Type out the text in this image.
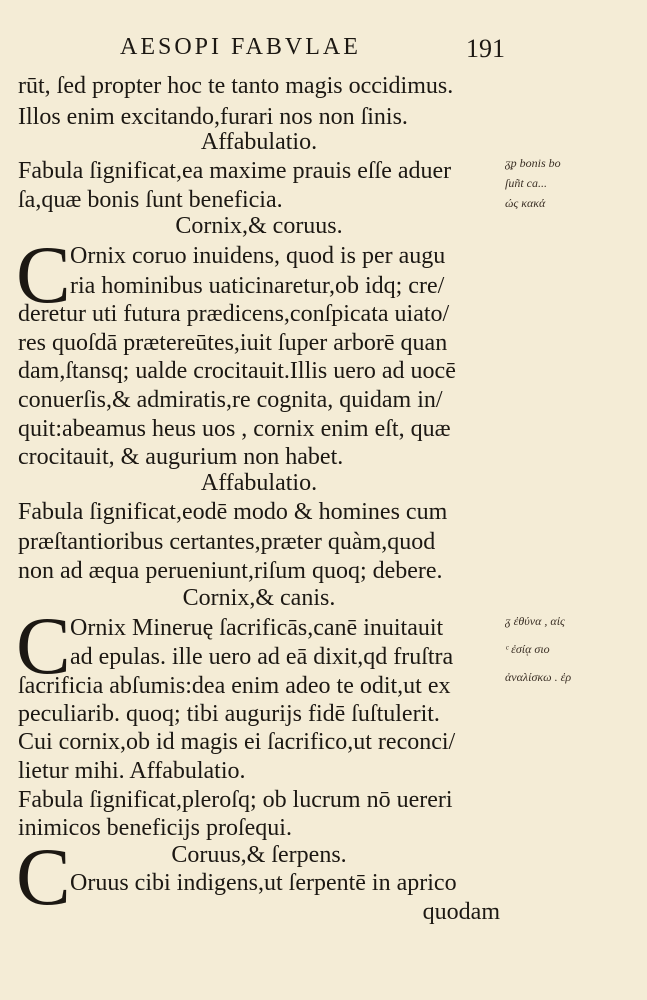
AESOPI FABVLAE	191
rūt, ſed propter hoc te tanto magis occidimus.
Illos enim excitando,furari nos non ſinis.
Affabulatio.
Fabula ſignificat,ea maxime prauis eſſe aduer
ſa,quæ bonis ſunt beneficia.
Cornix,& coruus.
C Ornix coruo inuidens, quod is per augu
ria hominibus uaticinaretur,ob idq; cre/
deretur uti futura prædicens,conſpicata uiato/
res quoſdā prætereūtes,iuit ſuper arborē quan
dam,ſtansq; ualde crocitauit.Illis uero ad uocē
conuerſis,& admiratis,re cognita, quidam in/
quit:abeamus heus uos , cornix enim eſt, quæ
crocitauit, & augurium non habet.
Affabulatio.
Fabula ſignificat,eodē modo & homines cum
præſtantioribus certantes,præter quàm,quod
non ad æqua perueniunt,riſum quoq; debere.
Cornix,& canis.
C Ornix Mineruę ſacrificās,canē inuitauit
ad epulas. ille uero ad eā dixit,qd fruſtra
ſacrificia abſumis:dea enim adeo te odit,ut ex
peculiarib. quoq; tibi augurijs fidē ſuſtulerit.
Cui cornix,ob id magis ei ſacrifico,ut reconci/
lietur mihi. Affabulatio.
Fabula ſignificat,pleroſq; ob lucrum nō uereri
inimicos beneficijs proſequi.
C	Coruus,& ſerpens.
Oruus cibi indigens,ut ſerpentē in aprico
quodam
ᵹᵱ bonis bo
ſuñt ca...
ώς κακά
ᵹ ἐθύνα , αἰς
ᶜ ἐσίᾳ σιο
ἀναλίσκω . ἐρ
